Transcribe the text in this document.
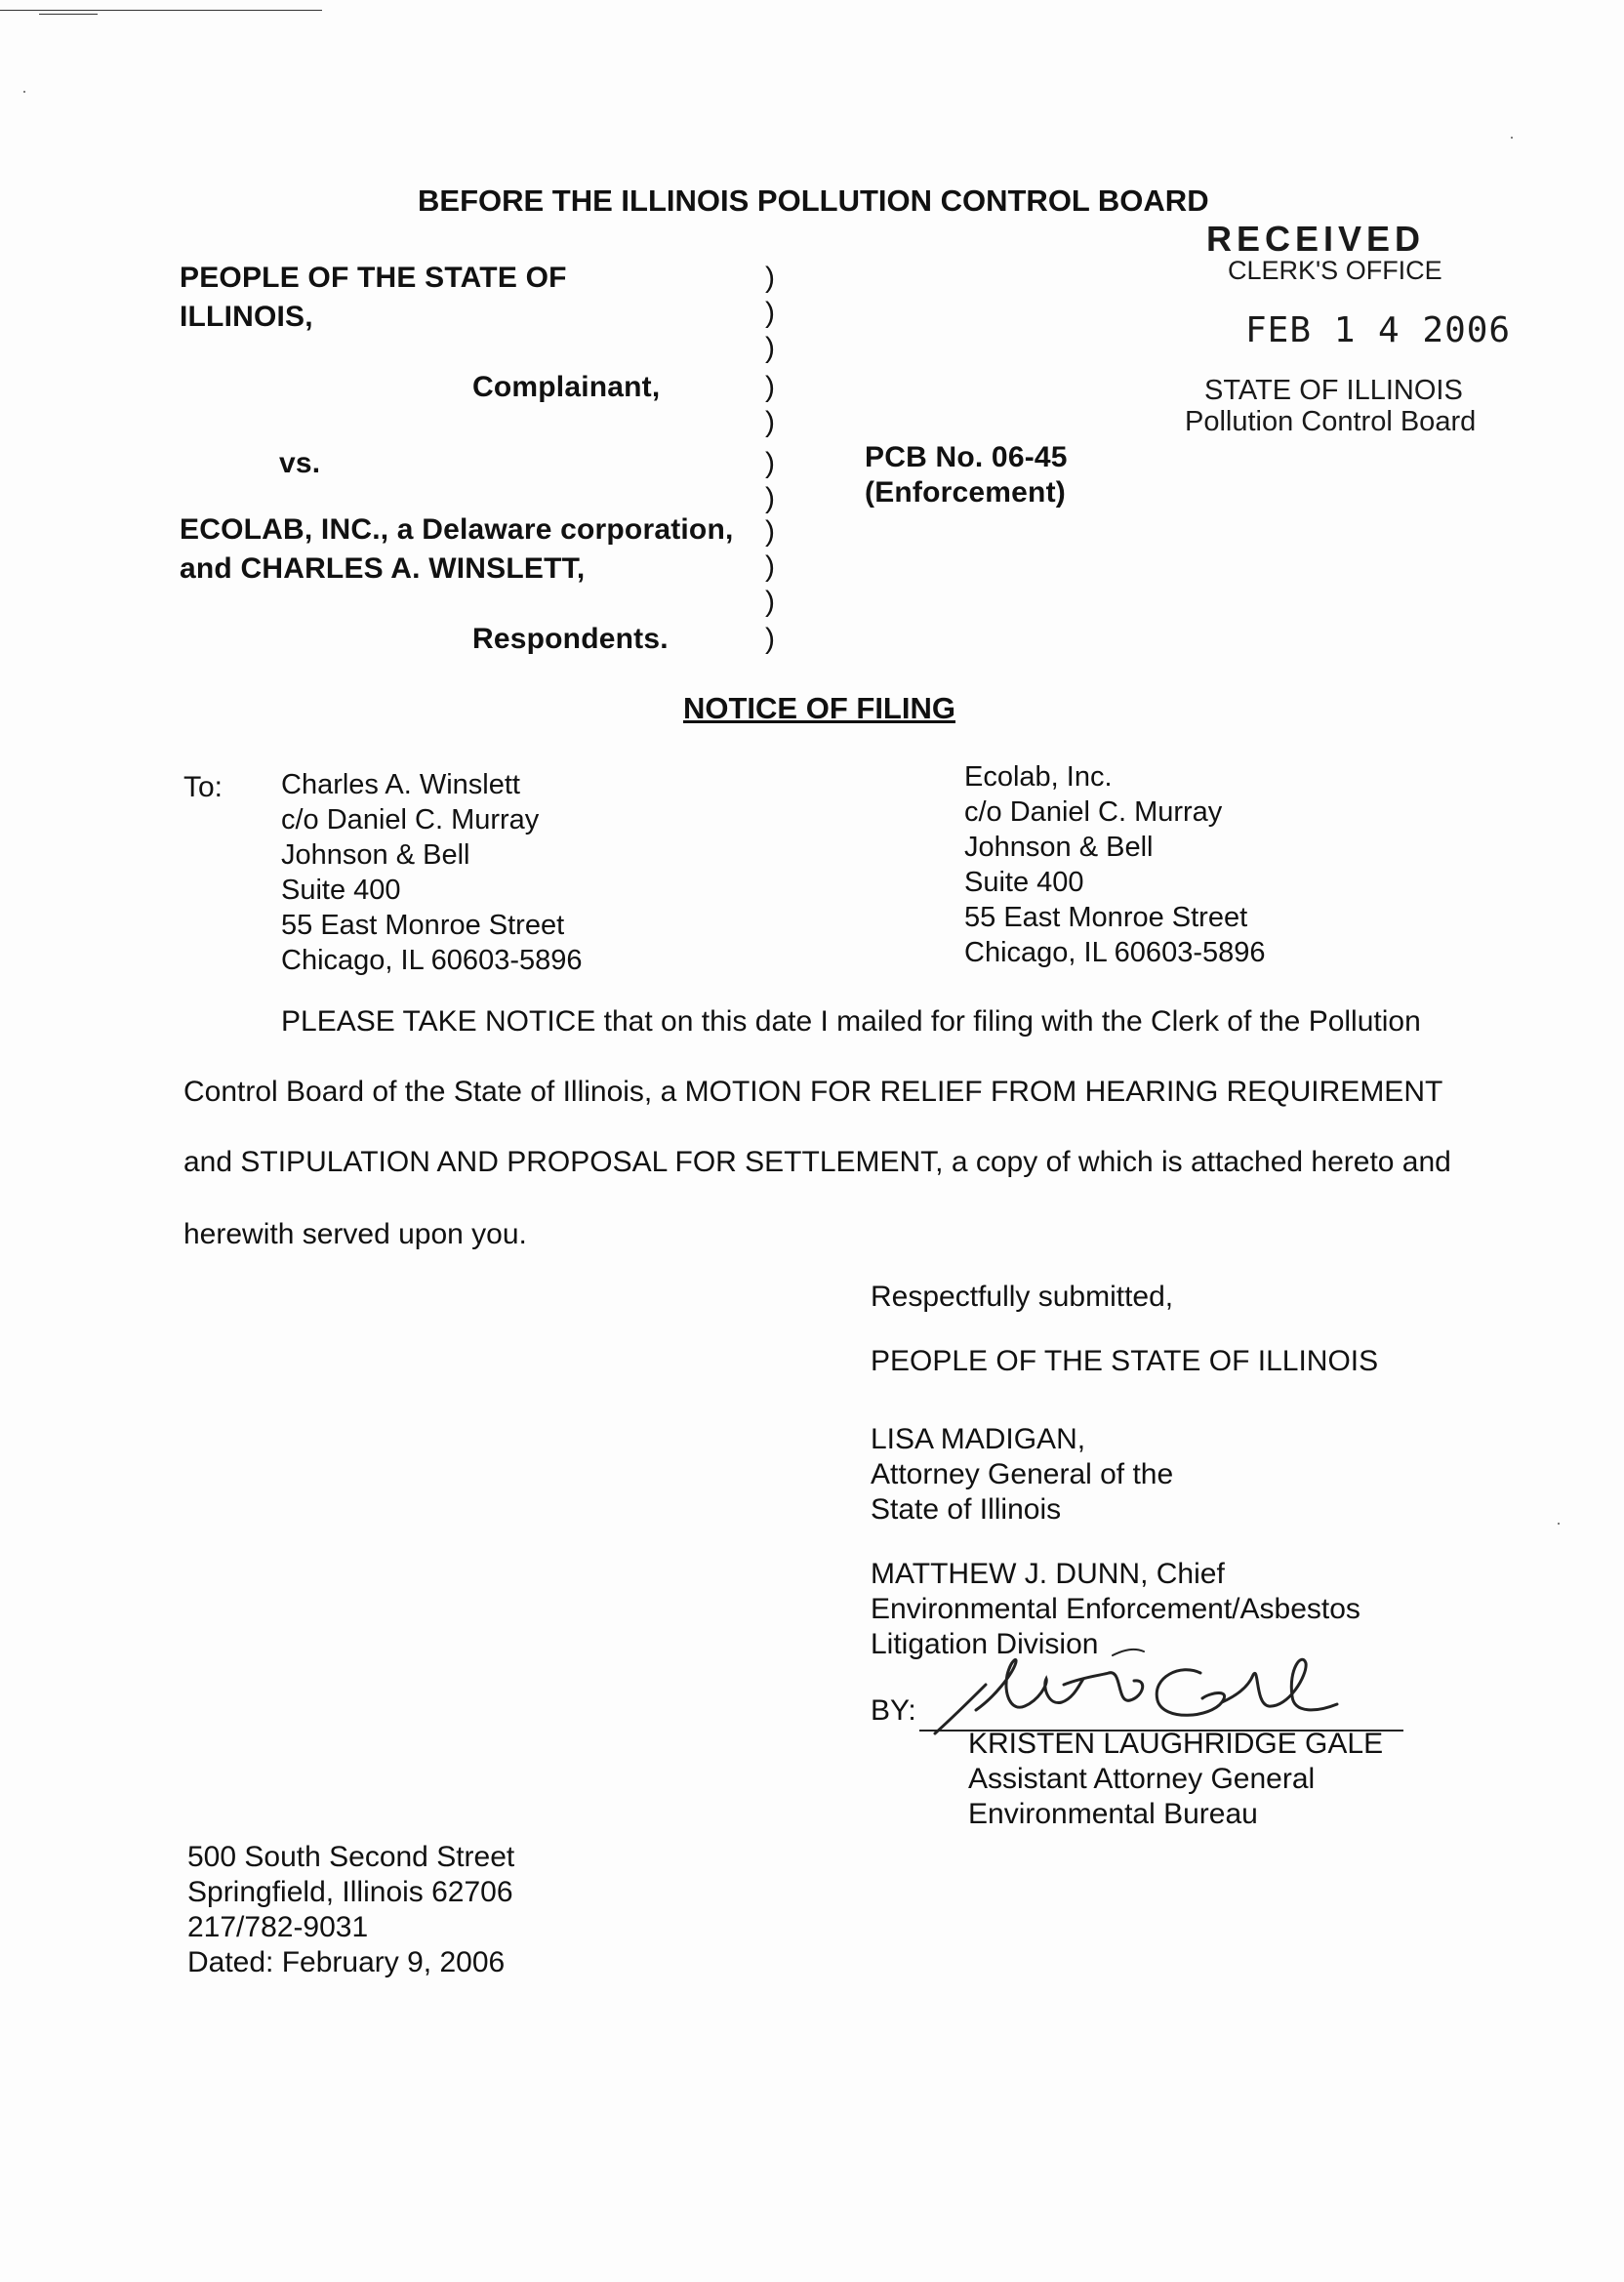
BEFORE THE ILLINOIS POLLUTION CONTROL BOARD
RECEIVED
CLERK'S OFFICE
FEB 1 4 2006
STATE OF ILLINOIS
Pollution Control Board
PEOPLE OF THE STATE OF
ILLINOIS,
Complainant,
vs.
ECOLAB, INC., a Delaware corporation,
and CHARLES A. WINSLETT,
Respondents.
)
)
)
)
)
)
)
)
)
)
)
PCB No. 06-45
(Enforcement)
NOTICE OF FILING
To: Charles A. Winslett
c/o Daniel C. Murray
Johnson & Bell
Suite 400
55 East Monroe Street
Chicago, IL 60603-5896
Ecolab, Inc.
c/o Daniel C. Murray
Johnson & Bell
Suite 400
55 East Monroe Street
Chicago, IL 60603-5896
PLEASE TAKE NOTICE that on this date I mailed for filing with the Clerk of the Pollution
Control Board of the State of Illinois, a MOTION FOR RELIEF FROM HEARING REQUIREMENT
and STIPULATION AND PROPOSAL FOR SETTLEMENT, a copy of which is attached hereto and
herewith served upon you.
Respectfully submitted,
PEOPLE OF THE STATE OF ILLINOIS
LISA MADIGAN,
Attorney General of the
State of Illinois
MATTHEW J. DUNN, Chief
Environmental Enforcement/Asbestos
Litigation Division
BY:
KRISTEN LAUGHRIDGE GALE
Assistant Attorney General
Environmental Bureau
500 South Second Street
Springfield, Illinois 62706
217/782-9031
Dated: February 9, 2006
